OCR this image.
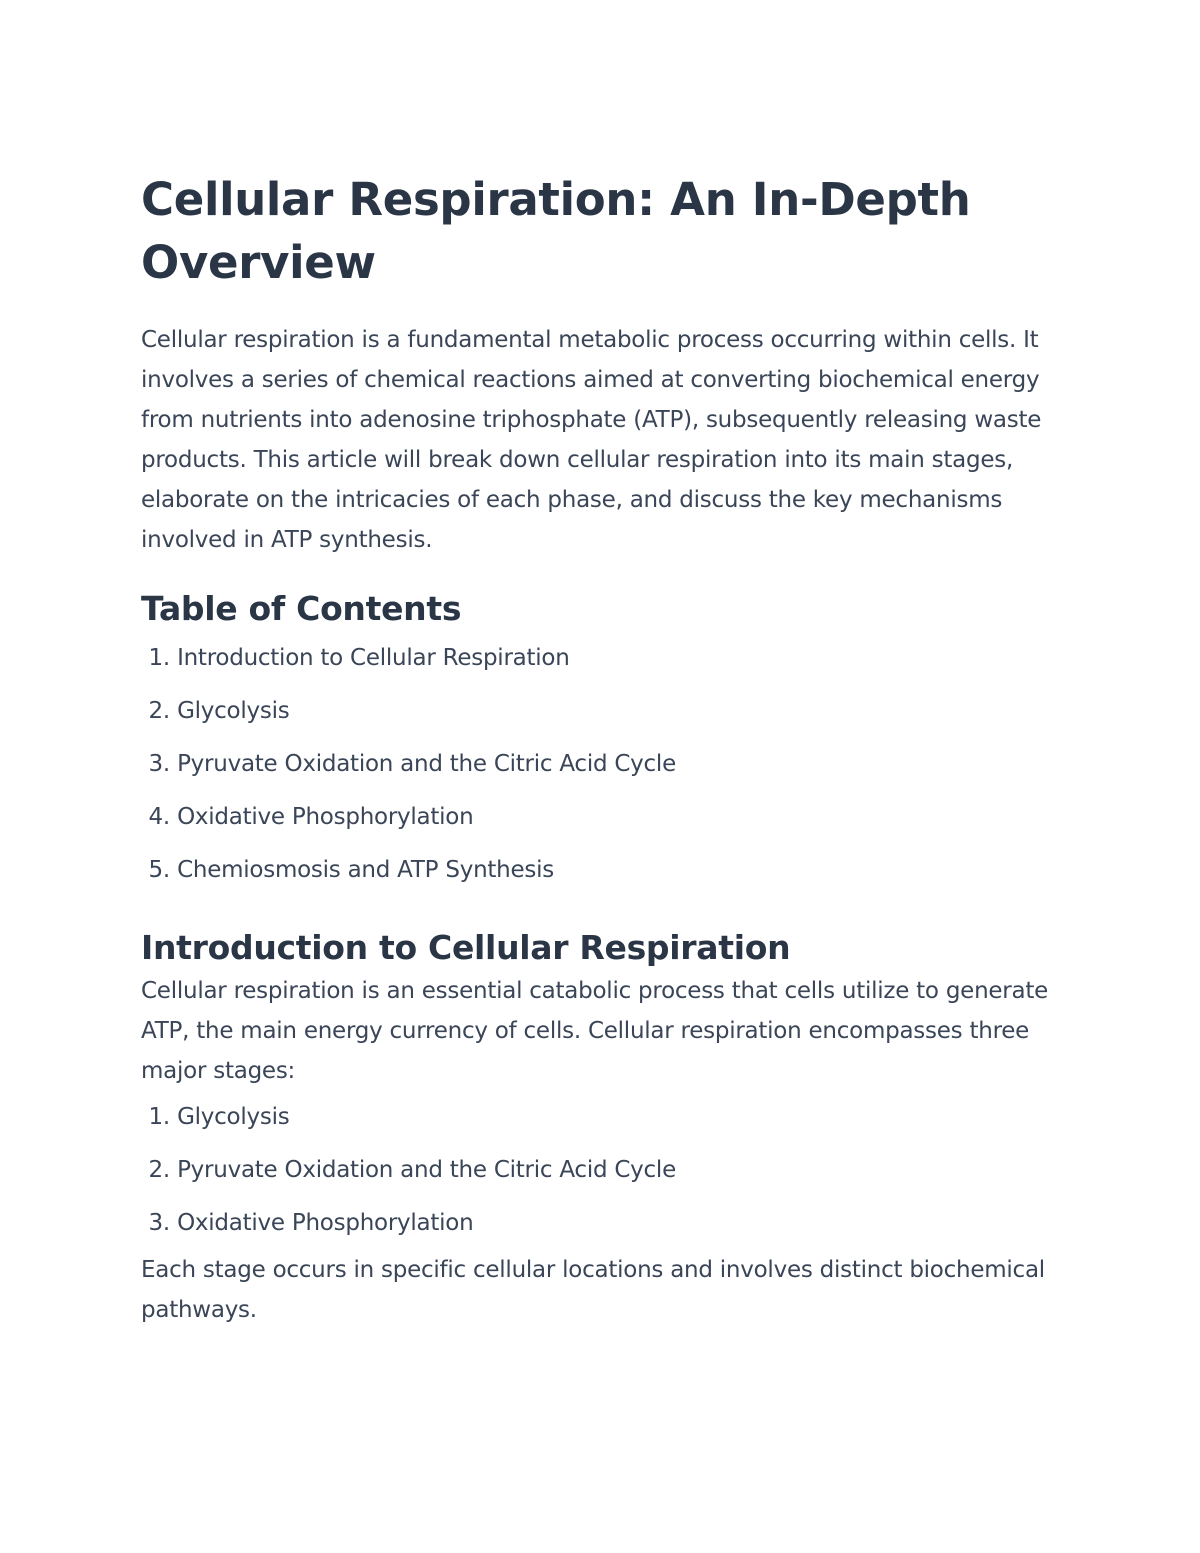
Cellular Respiration: An In-Depth Overview

Cellular respiration is a fundamental metabolic process occurring within cells. It involves a series of chemical reactions aimed at converting biochemical energy from nutrients into adenosine triphosphate (ATP), subsequently releasing waste products. This article will break down cellular respiration into its main stages, elaborate on the intricacies of each phase, and discuss the key mechanisms involved in ATP synthesis.

Table of Contents
1. Introduction to Cellular Respiration
2. Glycolysis
3. Pyruvate Oxidation and the Citric Acid Cycle
4. Oxidative Phosphorylation
5. Chemiosmosis and ATP Synthesis
Introduction to Cellular Respiration

Cellular respiration is an essential catabolic process that cells utilize to generate ATP, the main energy currency of cells. Cellular respiration encompasses three major stages:

1. Glycolysis
2. Pyruvate Oxidation and the Citric Acid Cycle
3. Oxidative Phosphorylation

Each stage occurs in specific cellular locations and involves distinct biochemical pathways.
